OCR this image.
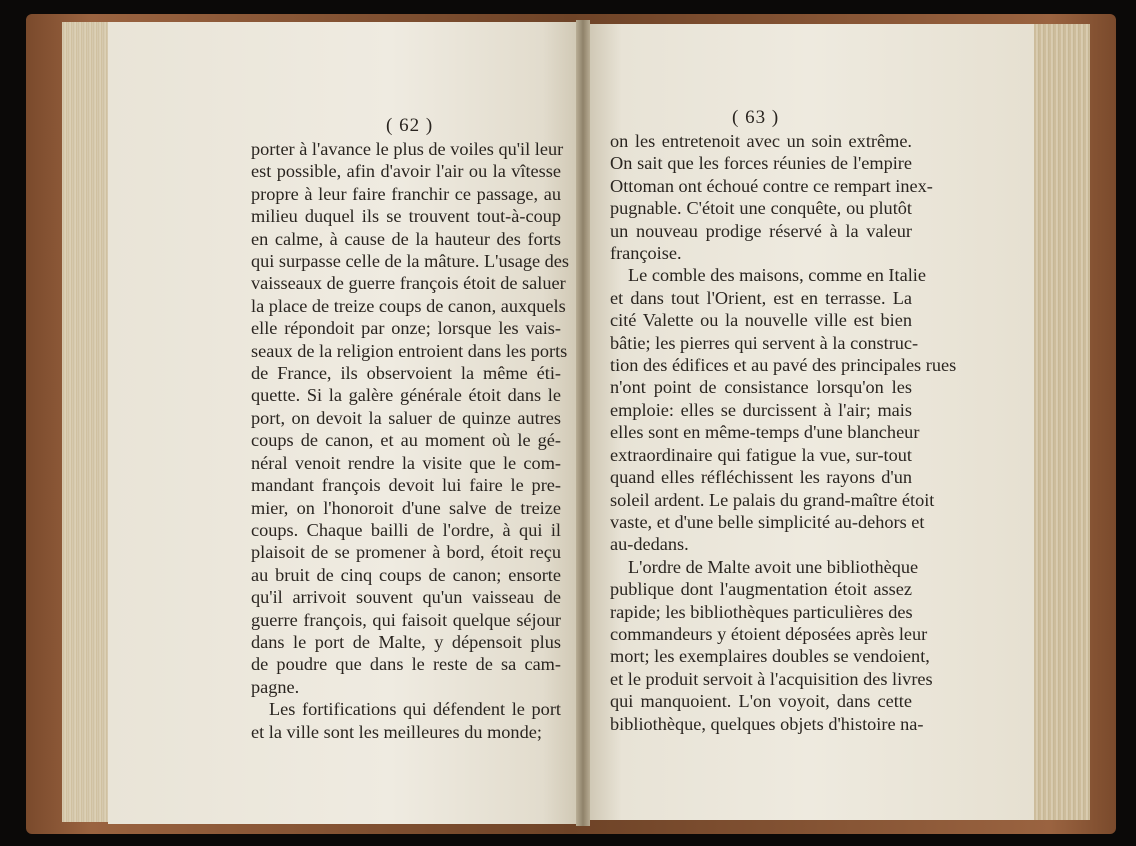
( 62 )
porter à l'avance le plus de voiles qu'il leur
est possible, afin d'avoir l'air ou la vîtesse
propre à leur faire franchir ce passage, au
milieu duquel ils se trouvent tout-à-coup
en calme, à cause de la hauteur des forts
qui surpasse celle de la mâture. L'usage des
vaisseaux de guerre françois étoit de saluer
la place de treize coups de canon, auxquels
elle répondoit par onze; lorsque les vais-
seaux de la religion entroient dans les ports
de France, ils observoient la même éti-
quette. Si la galère générale étoit dans le
port, on devoit la saluer de quinze autres
coups de canon, et au moment où le gé-
néral venoit rendre la visite que le com-
mandant françois devoit lui faire le pre-
mier, on l'honoroit d'une salve de treize
coups. Chaque bailli de l'ordre, à qui il
plaisoit de se promener à bord, étoit reçu
au bruit de cinq coups de canon; ensorte
qu'il arrivoit souvent qu'un vaisseau de
guerre françois, qui faisoit quelque séjour
dans le port de Malte, y dépensoit plus
de poudre que dans le reste de sa cam-
pagne.
Les fortifications qui défendent le port
et la ville sont les meilleures du monde;
( 63 )
on les entretenoit avec un soin extrême.
On sait que les forces réunies de l'empire
Ottoman ont échoué contre ce rempart inex-
pugnable. C'étoit une conquête, ou plutôt
un nouveau prodige réservé à la valeur
françoise.
Le comble des maisons, comme en Italie
et dans tout l'Orient, est en terrasse. La
cité Valette ou la nouvelle ville est bien
bâtie; les pierres qui servent à la construc-
tion des édifices et au pavé des principales rues
n'ont point de consistance lorsqu'on les
emploie: elles se durcissent à l'air; mais
elles sont en même-temps d'une blancheur
extraordinaire qui fatigue la vue, sur-tout
quand elles réfléchissent les rayons d'un
soleil ardent. Le palais du grand-maître étoit
vaste, et d'une belle simplicité au-dehors et
au-dedans.
L'ordre de Malte avoit une bibliothèque
publique dont l'augmentation étoit assez
rapide; les bibliothèques particulières des
commandeurs y étoient déposées après leur
mort; les exemplaires doubles se vendoient,
et le produit servoit à l'acquisition des livres
qui manquoient. L'on voyoit, dans cette
bibliothèque, quelques objets d'histoire na-
